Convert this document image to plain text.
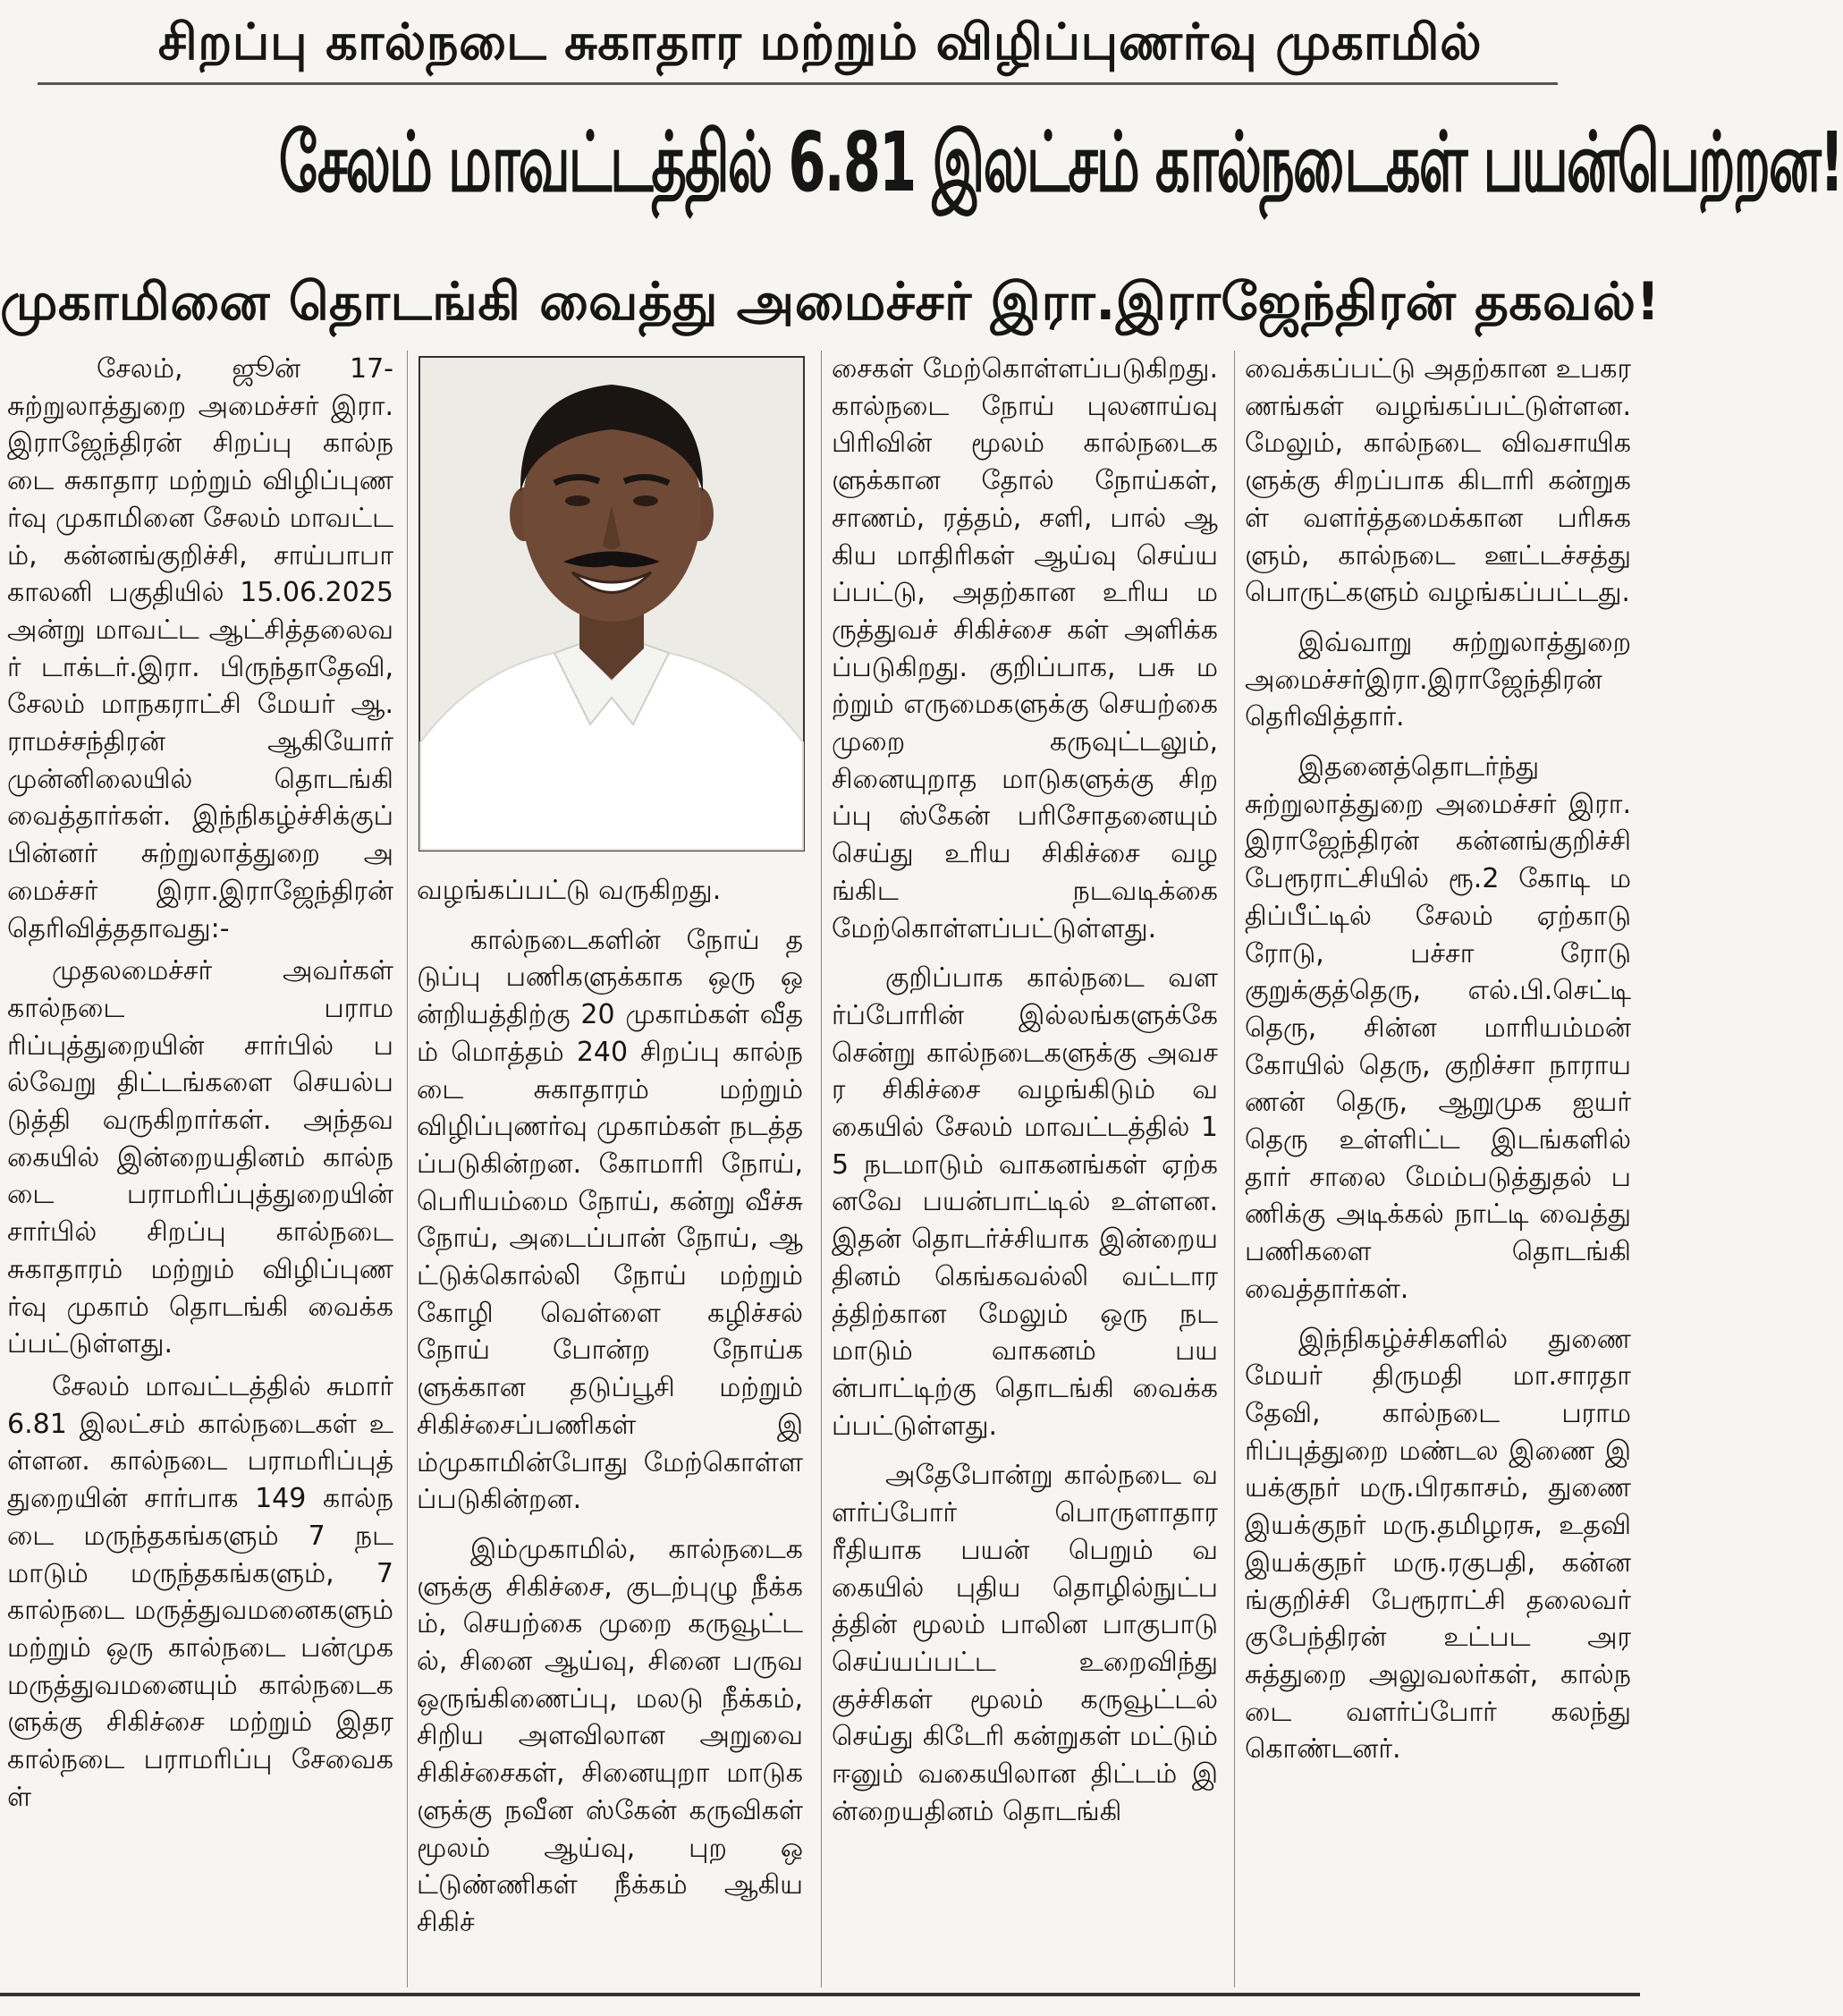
சிறப்பு கால்நடை சுகாதார மற்றும் விழிப்புணர்வு முகாமில்
சேலம் மாவட்டத்தில் 6.81 இலட்சம் கால்நடைகள் பயன்பெற்றன!
முகாமினை தொடங்கி வைத்து அமைச்சர் இரா.இராஜேந்திரன் தகவல்!

சேலம், ஜூன் 17- சுற்றுலாத்துறை அமைச்சர் இரா.இராஜேந்திரன் சிறப்பு கால்நடை சுகாதார மற்றும் விழிப்புணர்வு முகாமினை சேலம் மாவட்டம், கன்னங்குறிச்சி, சாய்பாபா காலனி பகுதியில் 15.06.2025 அன்று மாவட்ட ஆட்சித்தலைவர் டாக்டர்.இரா. பிருந்தாதேவி, சேலம் மாநகராட்சி மேயர் ஆ.ராமச்சந்திரன் ஆகியோர் முன்னிலையில் தொடங்கி வைத்தார்கள். இந்நிகழ்ச்சிக்குப் பின்னர் சுற்றுலாத்துறை அமைச்சர் இரா.இராஜேந்திரன் தெரிவித்ததாவது:-

முதலமைச்சர் அவர்கள் கால்நடை பராமரிப்புத்துறையின் சார்பில் பல்வேறு திட்டங்களை செயல்படுத்தி வருகிறார்கள். அந்தவகையில் இன்றையதினம் கால்நடை பராமரிப்புத்துறையின் சார்பில் சிறப்பு கால்நடை சுகாதாரம் மற்றும் விழிப்புணர்வு முகாம் தொடங்கி வைக்கப்பட்டுள்ளது.

சேலம் மாவட்டத்தில் சுமார் 6.81 இலட்சம் கால்நடைகள் உள்ளன. கால்நடை பராமரிப்புத் துறையின் சார்பாக 149 கால்நடை மருந்தகங்களும் 7 நடமாடும் மருந்தகங்களும், 7 கால்நடை மருத்துவமனைகளும் மற்றும் ஒரு கால்நடை பன்முக மருத்துவமனையும் கால்நடைகளுக்கு சிகிச்சை மற்றும் இதர கால்நடை பராமரிப்பு சேவைகள்

வழங்கப்பட்டு வருகிறது.

கால்நடைகளின் நோய் தடுப்பு பணிகளுக்காக ஒரு ஒன்றியத்திற்கு 20 முகாம்கள் வீதம் மொத்தம் 240 சிறப்பு கால்நடை சுகாதாரம் மற்றும் விழிப்புணர்வு முகாம்கள் நடத்தப்படுகின்றன. கோமாரி நோய், பெரியம்மை நோய், கன்று வீச்சு நோய், அடைப்பான் நோய், ஆட்டுக்கொல்லி நோய் மற்றும் கோழி வெள்ளை கழிச்சல் நோய் போன்ற நோய்களுக்கான தடுப்பூசி மற்றும் சிகிச்சைப்பணிகள் இம்முகாமின்போது மேற்கொள்ளப்படுகின்றன.

இம்முகாமில், கால்நடைகளுக்கு சிகிச்சை, குடற்புழு நீக்கம், செயற்கை முறை கருவூட்டல், சினை ஆய்வு, சினை பருவ ஒருங்கிணைப்பு, மலடு நீக்கம், சிறிய அளவிலான அறுவை சிகிச்சைகள், சினையுறா மாடுகளுக்கு நவீன ஸ்கேன் கருவிகள் மூலம் ஆய்வு, புற ஒட்டுண்ணிகள் நீக்கம் ஆகிய சிகிச்

சைகள் மேற்கொள்ளப்படுகிறது. கால்நடை நோய் புலனாய்வு பிரிவின் மூலம் கால்நடைகளுக்கான தோல் நோய்கள், சாணம், ரத்தம், சளி, பால் ஆகிய மாதிரிகள் ஆய்வு செய்யப்பட்டு, அதற்கான உரிய மருத்துவச் சிகிச்சை கள் அளிக்கப்படுகிறது. குறிப்பாக, பசு மற்றும் எருமைகளுக்கு செயற்கை முறை கருவுட்டலும், சினையுறாத மாடுகளுக்கு சிறப்பு ஸ்கேன் பரிசோதனையும் செய்து உரிய சிகிச்சை வழங்கிட நடவடிக்கை மேற்கொள்ளப்பட்டுள்ளது.

குறிப்பாக கால்நடை வளர்ப்போரின் இல்லங்களுக்கே சென்று கால்நடைகளுக்கு அவசர சிகிச்சை வழங்கிடும் வகையில் சேலம் மாவட்டத்தில் 15 நடமாடும் வாகனங்கள் ஏற்கனவே பயன்பாட்டில் உள்ளன. இதன் தொடர்ச்சியாக இன்றையதினம் கெங்கவல்லி வட்டாரத்திற்கான மேலும் ஒரு நடமாடும் வாகனம் பயன்பாட்டிற்கு தொடங்கி வைக்கப்பட்டுள்ளது.

அதேபோன்று கால்நடை வளர்ப்போர் பொருளாதார ரீதியாக பயன் பெறும் வகையில் புதிய தொழில்நுட்பத்தின் மூலம் பாலின பாகுபாடு செய்யப்பட்ட உறைவிந்து குச்சிகள் மூலம் கருவூட்டல் செய்து கிடேரி கன்றுகள் மட்டும் ஈனும் வகையிலான திட்டம் இன்றையதினம் தொடங்கி

வைக்கப்பட்டு அதற்கான உபகரணங்கள் வழங்கப்பட்டுள்ளன. மேலும், கால்நடை விவசாயிகளுக்கு சிறப்பாக கிடாரி கன்றுகள் வளர்த்தமைக்கான பரிசுகளும், கால்நடை ஊட்டச்சத்து பொருட்களும் வழங்கப்பட்டது.

இவ்வாறு சுற்றுலாத்துறை அமைச்சர்இரா.இராஜேந்திரன் தெரிவித்தார்.

இதனைத்தொடர்ந்து சுற்றுலாத்துறை அமைச்சர் இரா.இராஜேந்திரன் கன்னங்குறிச்சி பேரூராட்சியில் ரூ.2 கோடி மதிப்பீட்டில் சேலம் ஏற்காடு ரோடு, பச்சா ரோடு குறுக்குத்தெரு, எல்.பி.செட்டி தெரு, சின்ன மாரியம்மன் கோயில் தெரு, குறிச்சா நாராயணன் தெரு, ஆறுமுக ஐயர் தெரு உள்ளிட்ட இடங்களில் தார் சாலை மேம்படுத்துதல் பணிக்கு அடிக்கல் நாட்டி வைத்து பணிகளை தொடங்கி வைத்தார்கள்.

இந்நிகழ்ச்சிகளில் துணை மேயர் திருமதி மா.சாரதா தேவி, கால்நடை பராமரிப்புத்துறை மண்டல இணை இயக்குநர் மரு.பிரகாசம், துணை இயக்குநர் மரு.தமிழரசு, உதவி இயக்குநர் மரு.ரகுபதி, கன்னங்குறிச்சி பேரூராட்சி தலைவர் குபேந்திரன் உட்பட அரசுத்துறை அலுவலர்கள், கால்நடை வளர்ப்போர் கலந்து கொண்டனர்.
